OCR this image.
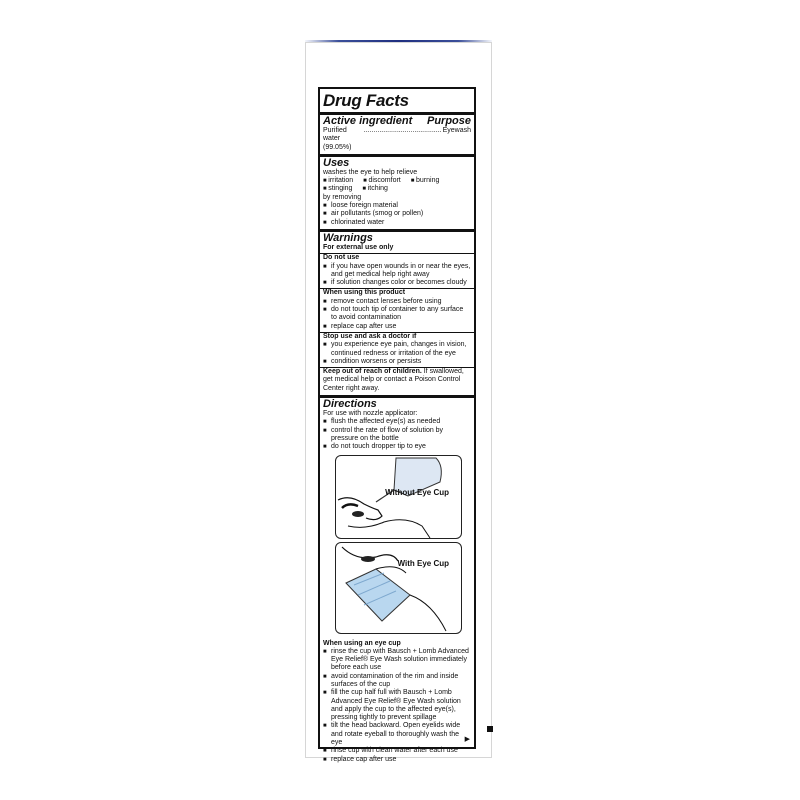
Drug Facts
Active ingredient Purpose
Purified water (99.05%)
........................................ Eyewash
Uses
washes the eye to help relieve
■ irritation ■ discomfort ■ burning
■ stinging ■ itching
by removing
■ loose foreign material
■ air pollutants (smog or pollen)
■ chlorinated water
Warnings
For external use only
Do not use
■ if you have open wounds in or near the eyes, and get medical help right away
■ if solution changes color or becomes cloudy
When using this product
■ remove contact lenses before using
■ do not touch tip of container to any surface to avoid contamination
■ replace cap after use
Stop use and ask a doctor if
■ you experience eye pain, changes in vision, continued redness or irritation of the eye
■ condition worsens or persists
Keep out of reach of children. If swallowed, get medical help or contact a Poison Control Center right away.
Directions
For use with nozzle applicator:
■ flush the affected eye(s) as needed
■ control the rate of flow of solution by pressure on the bottle
■ do not touch dropper tip to eye
Without Eye Cup
With Eye Cup
When using an eye cup
■ rinse the cup with Bausch + Lomb Advanced Eye Relief® Eye Wash solution immediately before each use
■ avoid contamination of the rim and inside surfaces of the cup
■ fill the cup half full with Bausch + Lomb Advanced Eye Relief® Eye Wash solution and apply the cup to the affected eye(s), pressing tightly to prevent spillage
■ tilt the head backward. Open eyelids wide and rotate eyeball to thoroughly wash the eye
■ rinse cup with clean water after each use
■ replace cap after use
▶
